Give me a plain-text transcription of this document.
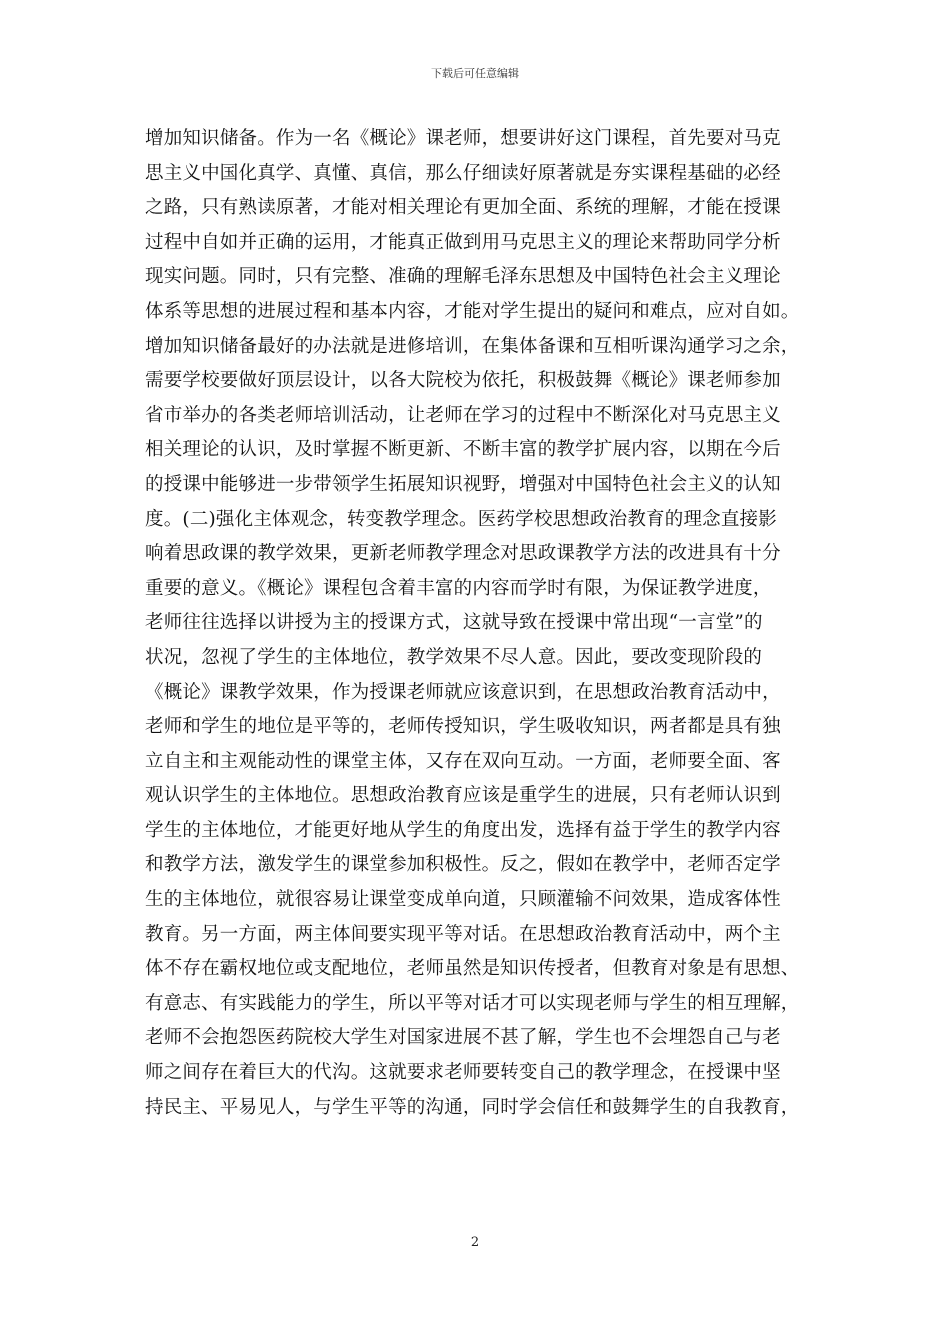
下载后可任意编辑
增加知识储备。作为一名《概论》课老师，想要讲好这门课程，首先要对马克
思主义中国化真学、真懂、真信，那么仔细读好原著就是夯实课程基础的必经
之路，只有熟读原著，才能对相关理论有更加全面、系统的理解，才能在授课
过程中自如并正确的运用，才能真正做到用马克思主义的理论来帮助同学分析
现实问题。同时，只有完整、准确的理解毛泽东思想及中国特色社会主义理论
体系等思想的进展过程和基本内容，才能对学生提出的疑问和难点，应对自如。
增加知识储备最好的办法就是进修培训，在集体备课和互相听课沟通学习之余，
需要学校要做好顶层设计，以各大院校为依托，积极鼓舞《概论》课老师参加
省市举办的各类老师培训活动，让老师在学习的过程中不断深化对马克思主义
相关理论的认识，及时掌握不断更新、不断丰富的教学扩展内容，以期在今后
的授课中能够进一步带领学生拓展知识视野，增强对中国特色社会主义的认知
度。(二)强化主体观念，转变教学理念。医药学校思想政治教育的理念直接影
响着思政课的教学效果，更新老师教学理念对思政课教学方法的改进具有十分
重要的意义。《概论》课程包含着丰富的内容而学时有限，为保证教学进度，
老师往往选择以讲授为主的授课方式，这就导致在授课中常出现“一言堂”的
状况，忽视了学生的主体地位，教学效果不尽人意。因此，要改变现阶段的
《概论》课教学效果，作为授课老师就应该意识到，在思想政治教育活动中，
老师和学生的地位是平等的，老师传授知识，学生吸收知识，两者都是具有独
立自主和主观能动性的课堂主体，又存在双向互动。一方面，老师要全面、客
观认识学生的主体地位。思想政治教育应该是重学生的进展，只有老师认识到
学生的主体地位，才能更好地从学生的角度出发，选择有益于学生的教学内容
和教学方法，激发学生的课堂参加积极性。反之，假如在教学中，老师否定学
生的主体地位，就很容易让课堂变成单向道，只顾灌输不问效果，造成客体性
教育。另一方面，两主体间要实现平等对话。在思想政治教育活动中，两个主
体不存在霸权地位或支配地位，老师虽然是知识传授者，但教育对象是有思想、
有意志、有实践能力的学生，所以平等对话才可以实现老师与学生的相互理解，
老师不会抱怨医药院校大学生对国家进展不甚了解，学生也不会埋怨自己与老
师之间存在着巨大的代沟。这就要求老师要转变自己的教学理念，在授课中坚
持民主、平易见人，与学生平等的沟通，同时学会信任和鼓舞学生的自我教育，
2
